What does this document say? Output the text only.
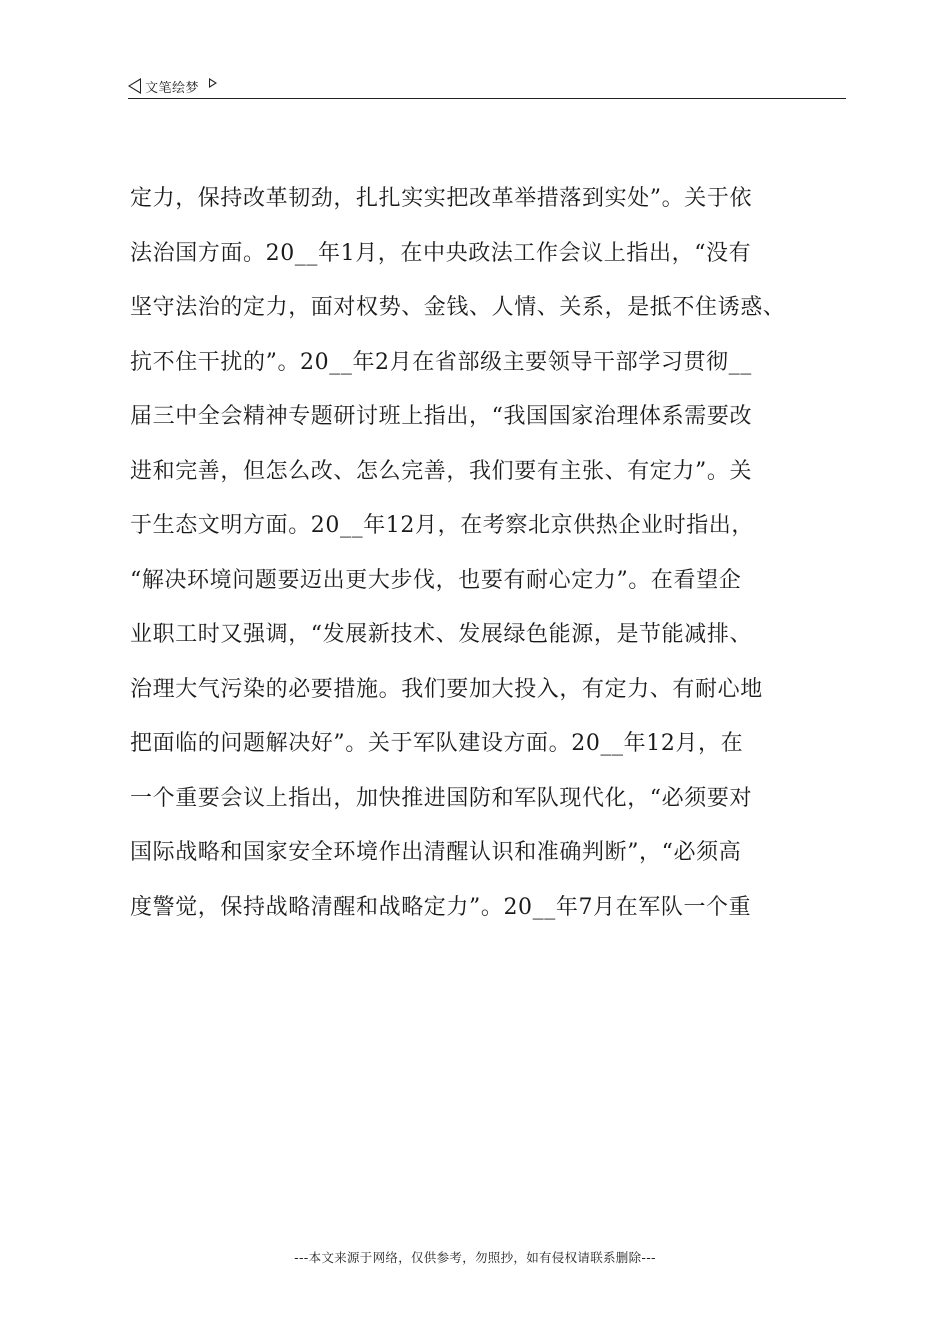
文笔绘梦
定力，保持改革韧劲，扎扎实实把改革举措落到实处”。关于依
法治国方面。20__年1月，在中央政法工作会议上指出，“没有
坚守法治的定力，面对权势、金钱、人情、关系，是抵不住诱惑、
抗不住干扰的”。20__年2月在省部级主要领导干部学习贯彻__
届三中全会精神专题研讨班上指出，“我国国家治理体系需要改
进和完善，但怎么改、怎么完善，我们要有主张、有定力”。关
于生态文明方面。20__年12月，在考察北京供热企业时指出，
“解决环境问题要迈出更大步伐，也要有耐心定力”。在看望企
业职工时又强调，“发展新技术、发展绿色能源，是节能减排、
治理大气污染的必要措施。我们要加大投入，有定力、有耐心地
把面临的问题解决好”。关于军队建设方面。20__年12月，在
一个重要会议上指出，加快推进国防和军队现代化，“必须要对
国际战略和国家安全环境作出清醒认识和准确判断”，“必须高
度警觉，保持战略清醒和战略定力”。20__年7月在军队一个重
---本文来源于网络，仅供参考，勿照抄，如有侵权请联系删除---
